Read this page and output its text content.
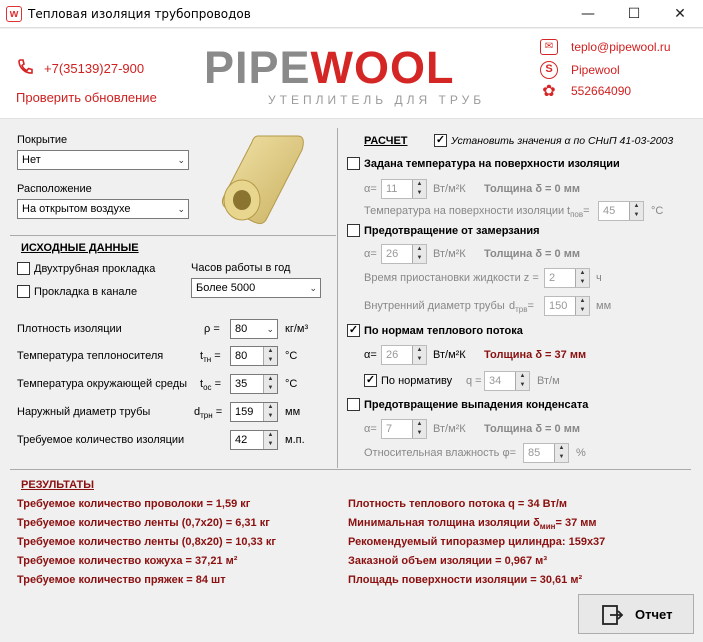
w Тепловая изоляция трубопроводов	—	☐	✕
+7(35139)27-900
Проверить обновление
PIPEWOOL
УТЕПЛИТЕЛЬ ДЛЯ ТРУБ
✉	teplo@pipewool.ru
S	Pipewool
✿ 552664090
Покрытие
Нет	⌄
Расположение
На открытом воздухе	⌄
ИСХОДНЫЕ ДАННЫЕ
Двухтрубная прокладка
Прокладка в канале
Часов работы в год
Более 5000	⌄
Плотность изоляции	ρ =	80 ⌄ кг/м³
Температура теплоносителя	$t_{тн}$ =	80	▲
▼	°С
Температура окружающей среды $t_{ос}$ =	35	▲
▼	°С
Наружный диаметр трубы	$d_{трн}$ =	159	▲
▼	мм
Требуемое количество изоляции	42	▲
▼	м.п.
РАСЧЕТ	✓ Установить значения α по СНиП 41-03-2003
Задана температура на поверхности изоляции
α= 11	▲
▼ Вт/м²К Толщина δ = 0 мм
Температура на поверхности изоляции $t_{пов}=$	45	▲
▼	°С
Предотвращение от замерзания
α= 26	▲
▼ Вт/м²К Толщина δ = 0 мм
Время приостановки жидкости z = 2	▲
▼ ч
Внутренний диаметр трубы $d_{трв}=$	150	▲
▼ мм
✓ По нормам теплового потока
α= 26	▲
▼ Вт/м²К Толщина δ = 37 мм
✓ По нормативу q = 34	▲
▼	Вт/м
Предотвращение выпадения конденсата
α= 7	▲
▼ Вт/м²К Толщина δ = 0 мм
Относительная влажность φ=	85	▲
▼	%
РЕЗУЛЬТАТЫ
Требуемое количество проволоки = 1,59 кг
Требуемое количество ленты (0,7х20) = 6,31 кг
Требуемое количество ленты (0,8х20) = 10,33 кг
Требуемое количество кожуха = 37,21 м²
Требуемое количество пряжек = 84 шт
Плотность теплового потока q = 34 Вт/м
Минимальная толщина изоляции $\delta_{мин}= 37$ мм
Рекомендуемый типоразмер цилиндра: 159х37
Заказной объем изоляции = 0,967 м³
Площадь поверхности изоляции = 30,61 м²
Отчет
